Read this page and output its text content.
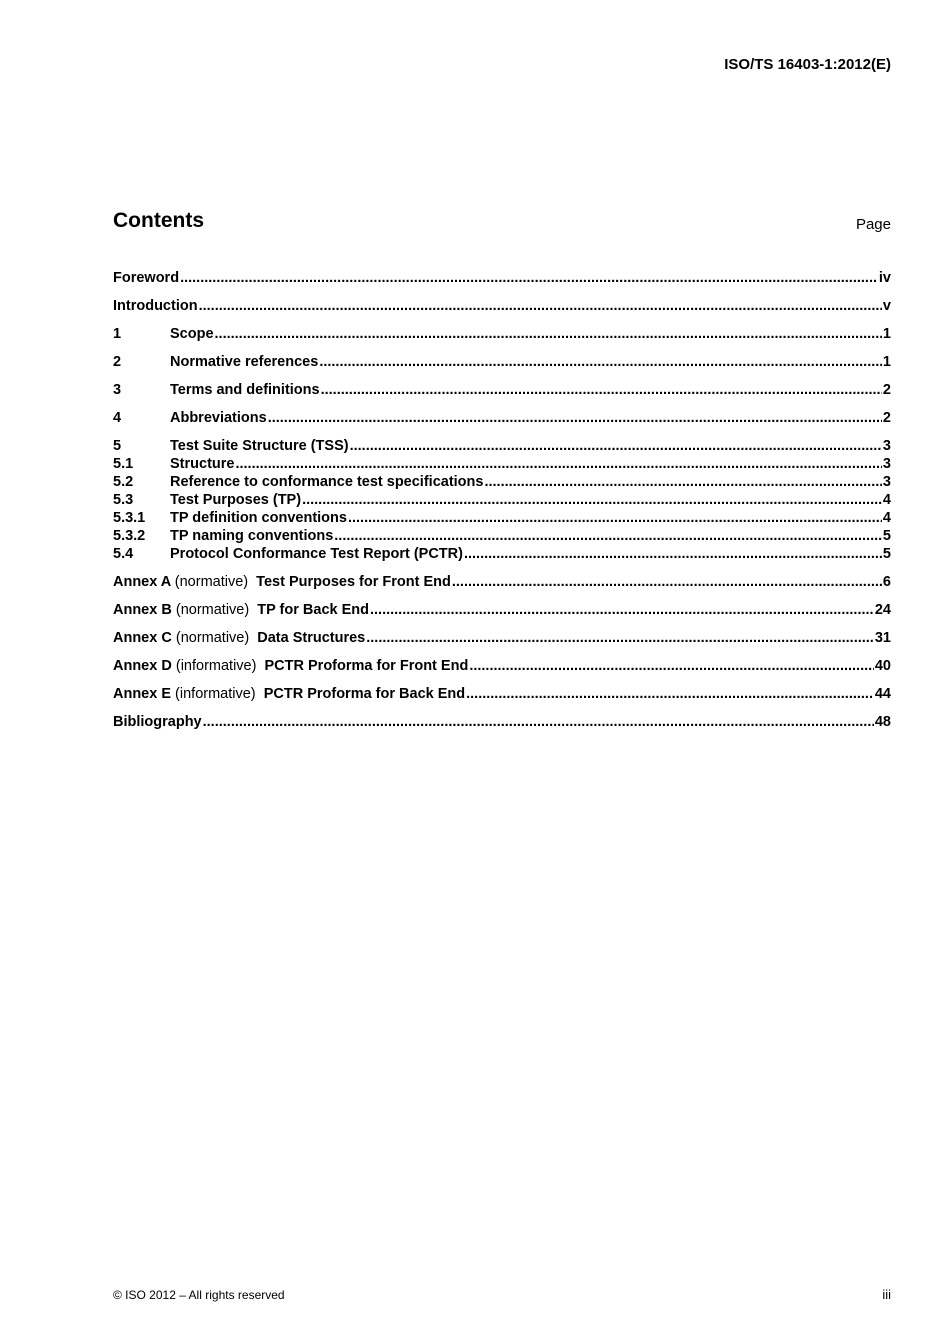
ISO/TS 16403-1:2012(E)
Contents	Page
Foreword .....	iv
Introduction .....	v
1	Scope .....	1
2	Normative references .....	1
3	Terms and definitions .....	2
4	Abbreviations .....	2
5	Test Suite Structure (TSS) .....	3
5.1	Structure .....	3
5.2	Reference to conformance test specifications .....	3
5.3	Test Purposes (TP) .....	4
5.3.1	TP definition conventions .....	4
5.3.2	TP naming conventions .....	5
5.4	Protocol Conformance Test Report (PCTR) .....	5
Annex A (normative) Test Purposes for Front End .....	6
Annex B (normative) TP for Back End .....	24
Annex C (normative) Data Structures .....	31
Annex D (informative) PCTR Proforma for Front End .....	40
Annex E (informative) PCTR Proforma for Back End .....	44
Bibliography .....	48
© ISO 2012 – All rights reserved	iii
